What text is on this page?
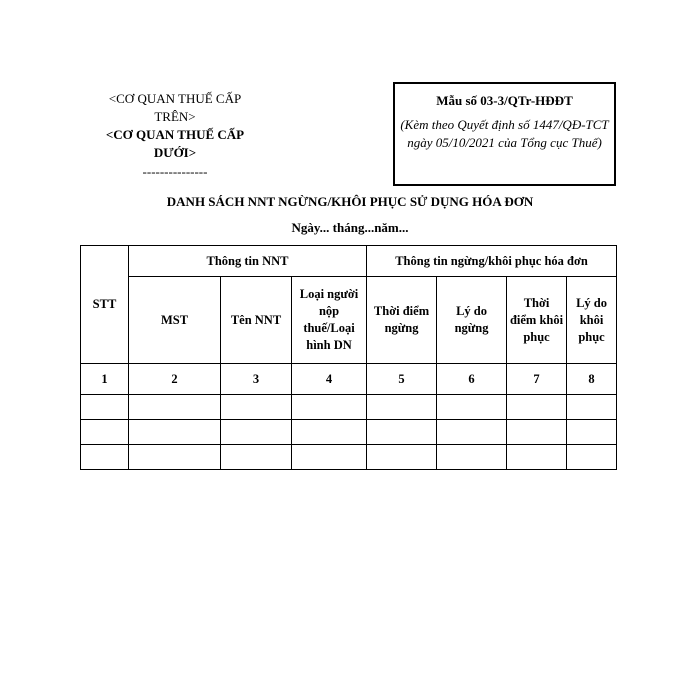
<CƠ QUAN THUẾ CẤP TRÊN>
<CƠ QUAN THUẾ CẤP DƯỚI>
---------------
Mẫu số 03-3/QTr-HĐĐT
(Kèm theo Quyết định số 1447/QĐ-TCT ngày 05/10/2021 của Tổng cục Thuế)
DANH SÁCH NNT NGỪNG/KHÔI PHỤC SỬ DỤNG HÓA ĐƠN
Ngày... tháng...năm...
STT	Thông tin NNT			Thông tin ngừng/khôi phục hóa đơn			
	MST	Tên NNT	Loại người nộp thuế/Loại hình DN	Thời điểm ngừng	Lý do ngừng	Thời điểm khôi phục	Lý do khôi phục
1	2	3	4	5	6	7	8
